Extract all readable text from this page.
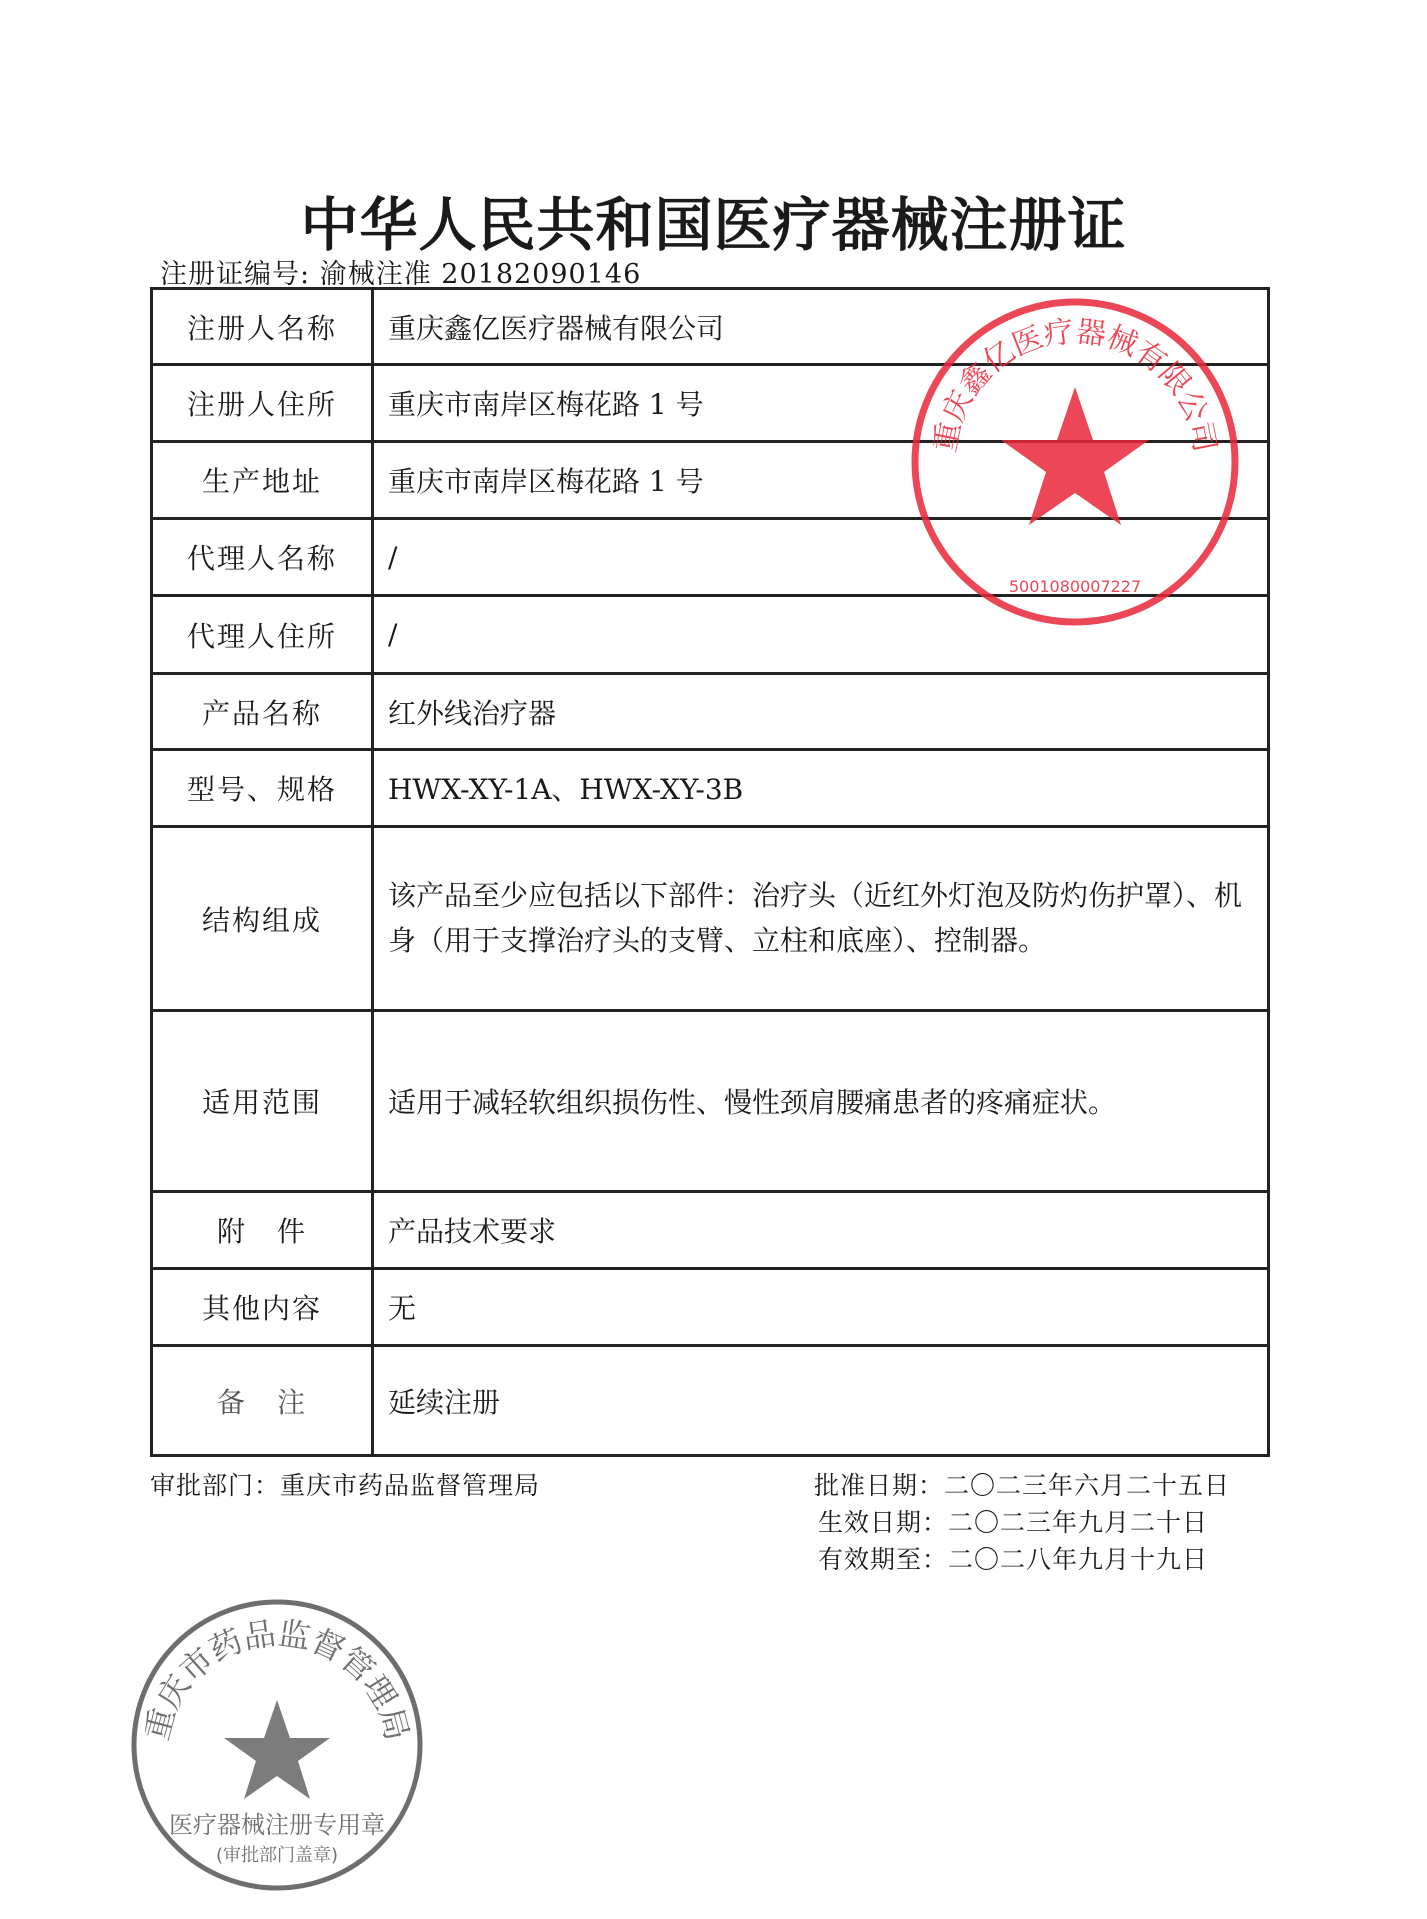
中华人民共和国医疗器械注册证
注册证编号: 渝械注准 20182090146
注册人名称	重庆鑫亿医疗器械有限公司
注册人住所	重庆市南岸区梅花路 1 号
生产地址	重庆市南岸区梅花路 1 号
代理人名称	/
代理人住所	/
产品名称	红外线治疗器
型号、规格	HWX-XY-1A、HWX-XY-3B
结构组成	该产品至少应包括以下部件：治疗头（近红外灯泡及防灼伤护罩）、机身（用于支撑治疗头的支臂、立柱和底座）、控制器。
适用范围	适用于减轻软组织损伤性、慢性颈肩腰痛患者的疼痛症状。
附　件	产品技术要求
其他内容	无
备　注	延续注册
审批部门：重庆市药品监督管理局	批准日期：二〇二三年六月二十五日
生效日期：二〇二三年九月二十日
有效期至：二〇二八年九月十九日
重庆鑫亿医疗器械有限公司
5001080007227
重庆市药品监督管理局
医疗器械注册专用章
(审批部门盖章)
